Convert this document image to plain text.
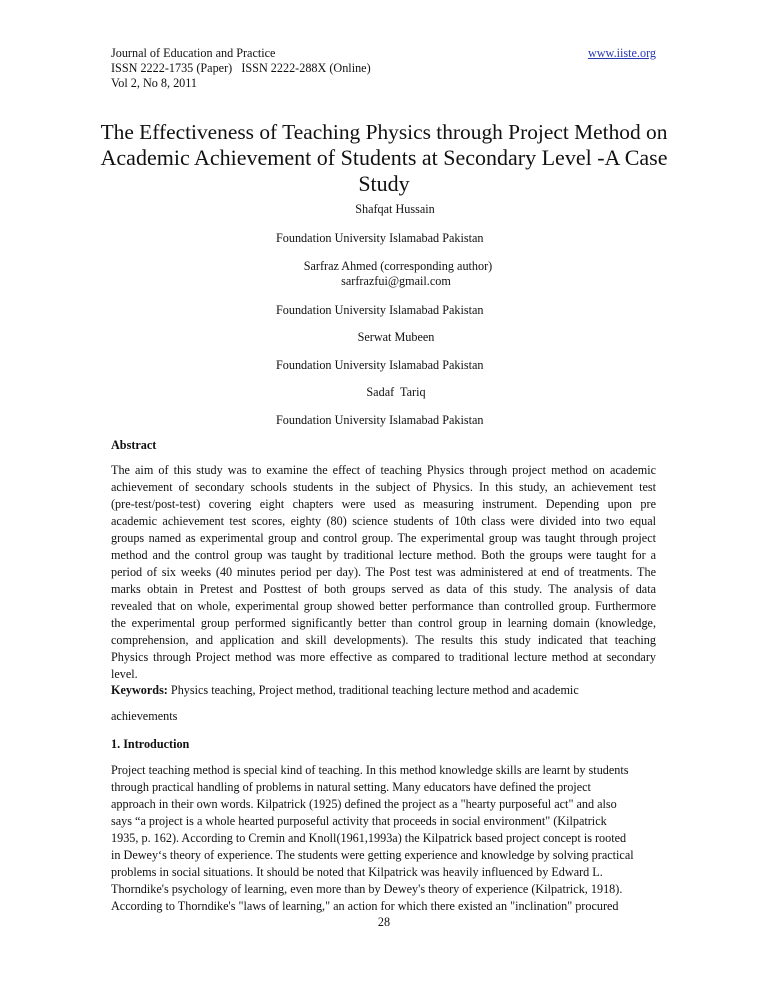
Journal of Education and Practice
ISSN 2222-1735 (Paper)   ISSN 2222-288X (Online)
Vol 2, No 8, 2011
www.iiste.org
The Effectiveness of Teaching Physics through Project Method on
Academic Achievement of Students at Secondary Level -A Case
Study
Shafqat Hussain
Foundation University Islamabad Pakistan
Sarfraz Ahmed (corresponding author)
sarfrazfui@gmail.com
Foundation University Islamabad Pakistan
Serwat Mubeen
Foundation University Islamabad Pakistan
Sadaf  Tariq
Foundation University Islamabad Pakistan
Abstract
The aim of this study was to examine the effect of teaching Physics through project method on academic
achievement of secondary schools students in the subject of Physics. In this study, an achievement test
(pre-test/post-test) covering eight chapters were used as measuring instrument. Depending upon pre
academic achievement test scores, eighty (80) science students of 10th class were divided into two equal
groups named as experimental group and control group. The experimental group was taught through project
method and the control group was taught by traditional lecture method. Both the groups were taught for a
period of six weeks (40 minutes period per day). The Post test was administered at end of treatments. The
marks obtain in Pretest and Posttest of both groups served as data of this study. The analysis of data
revealed that on whole, experimental group showed better performance than controlled group. Furthermore
the experimental group performed significantly better than control group in learning domain (knowledge,
comprehension, and application and skill developments). The results this study indicated that teaching
Physics through Project method was more effective as compared to traditional lecture method at secondary
level.
Keywords: Physics teaching, Project method, traditional teaching lecture method and academic
achievements
1. Introduction
Project teaching method is special kind of teaching. In this method knowledge skills are learnt by students
through practical handling of problems in natural setting. Many educators have defined the project
approach in their own words. Kilpatrick (1925) defined the project as a "hearty purposeful act" and also
says “a project is a whole hearted purposeful activity that proceeds in social environment" (Kilpatrick
1935, p. 162). According to Cremin and Knoll(1961,1993a) the Kilpatrick based project concept is rooted
in Dewey‘s theory of experience. The students were getting experience and knowledge by solving practical
problems in social situations. It should be noted that Kilpatrick was heavily influenced by Edward L.
Thorndike's psychology of learning, even more than by Dewey's theory of experience (Kilpatrick, 1918).
According to Thorndike's "laws of learning," an action for which there existed an "inclination" procured
28
